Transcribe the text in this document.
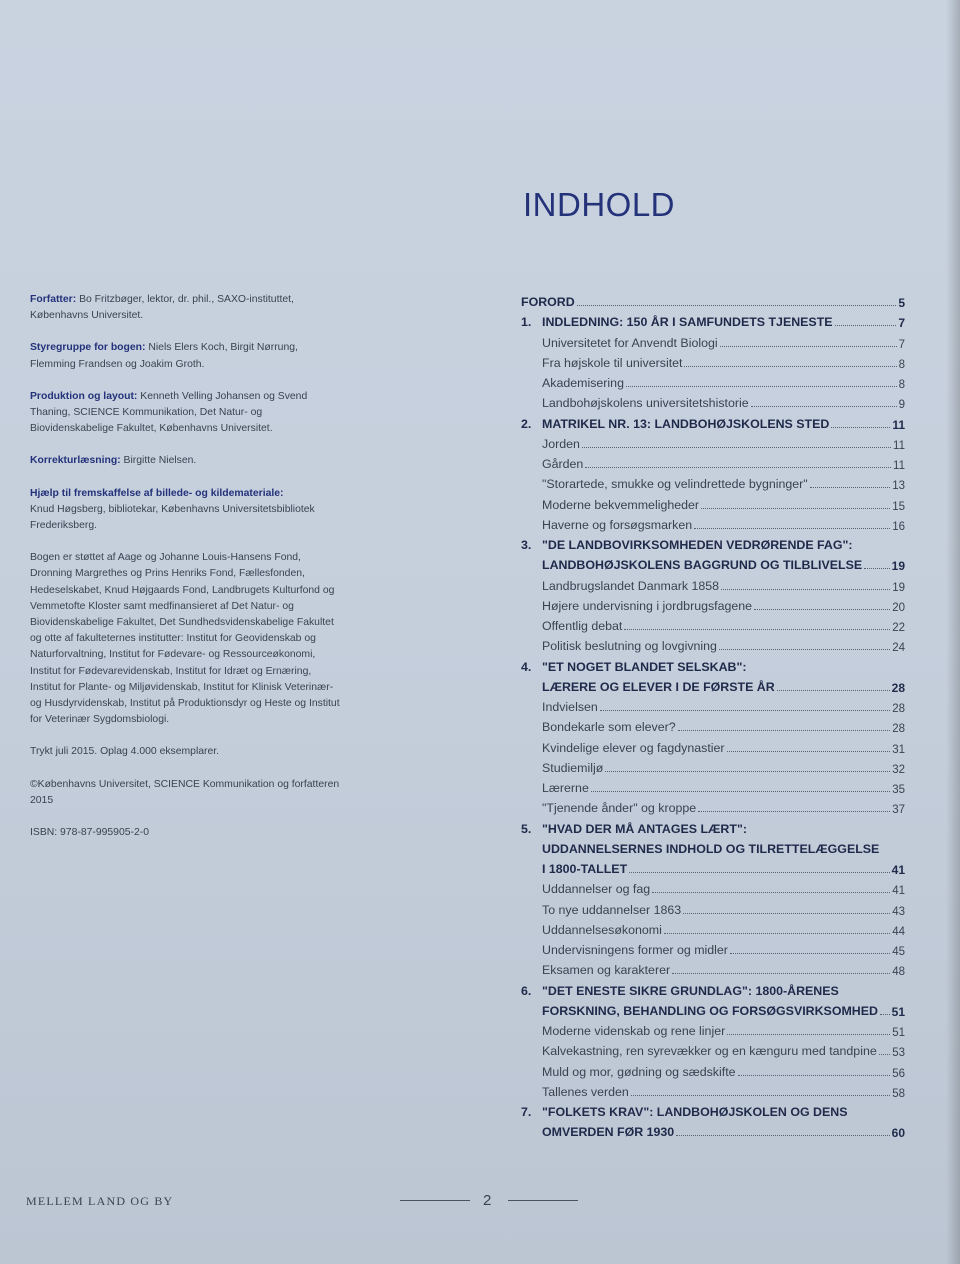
INDHOLD

Forfatter: Bo Fritzbøger, lektor, dr. phil., SAXO-instituttet, Københavns Universitet.

Styregruppe for bogen: Niels Elers Koch, Birgit Nørrung, Flemming Frandsen og Joakim Groth.

Produktion og layout: Kenneth Velling Johansen og Svend Thaning, SCIENCE Kommunikation, Det Natur- og Biovidenskabelige Fakultet, Københavns Universitet.

Korrekturlæsning: Birgitte Nielsen.

Hjælp til fremskaffelse af billede- og kildemateriale:
Knud Høgsberg, bibliotekar, Københavns Universitetsbibliotek Frederiksberg.

Bogen er støttet af Aage og Johanne Louis-Hansens Fond, Dronning Margrethes og Prins Henriks Fond, Fællesfonden, Hedeselskabet, Knud Højgaards Fond, Landbrugets Kulturfond og Vemmetofte Kloster samt medfinansieret af Det Natur- og Biovidenskabelige Fakultet, Det Sundhedsvidenskabelige Fakultet og otte af fakulteternes institutter: Institut for Geovidenskab og Naturforvaltning, Institut for Fødevare- og Ressourceøkonomi, Institut for Fødevarevidenskab, Institut for Idræt og Ernæring, Institut for Plante- og Miljøvidenskab, Institut for Klinisk Veterinær- og Husdyrvidenskab, Institut på Produktionsdyr og Heste og Institut for Veterinær Sygdomsbiologi.

Trykt juli 2015. Oplag 4.000 eksemplarer.

©Københavns Universitet, SCIENCE Kommunikation og forfatteren 2015

ISBN: 978-87-995905-2-0

FORORD	5
1. INDLEDNING: 150 ÅR I SAMFUNDETS TJENESTE	7
Universitetet for Anvendt Biologi	7
Fra højskole til universitet	8
Akademisering	8
Landbohøjskolens universitetshistorie	9
2. MATRIKEL NR. 13: LANDBOHØJSKOLENS STED	11
Jorden	11
Gården	11
"Storartede, smukke og velindrettede bygninger"	13
Moderne bekvemmeligheder	15
Haverne og forsøgsmarken	16
3. "DE LANDBOVIRKSOMHEDEN VEDRØRENDE FAG":
LANDBOHØJSKOLENS BAGGRUND OG TILBLIVELSE 19
Landbrugslandet Danmark 1858	19
Højere undervisning i jordbrugsfagene	20
Offentlig debat	22
Politisk beslutning og lovgivning	24
4. "ET NOGET BLANDET SELSKAB":
LÆRERE OG ELEVER I DE FØRSTE ÅR	28
Indvielsen	28
Bondekarle som elever?	28
Kvindelige elever og fagdynastier	31
Studiemiljø	32
Lærerne	35
"Tjenende ånder" og kroppe	37
5. "HVAD DER MÅ ANTAGES LÆRT":
UDDANNELSERNES INDHOLD OG TILRETTELÆGGELSE
I 1800-TALLET	41
Uddannelser og fag	41
To nye uddannelser 1863	43
Uddannelsesøkonomi	44
Undervisningens former og midler	45
Eksamen og karakterer	48
6. "DET ENESTE SIKRE GRUNDLAG": 1800-ÅRENES
FORSKNING, BEHANDLING OG FORSØGSVIRKSOMHED 51
Moderne videnskab og rene linjer	51
Kalvekastning, ren syrevækker og en kænguru med tandpine 53
Muld og mor, gødning og sædskifte	56
Tallenes verden	58
7. "FOLKETS KRAV": LANDBOHØJSKOLEN OG DENS
OMVERDEN FØR 1930	60
MELLEM LAND OG BY	2
